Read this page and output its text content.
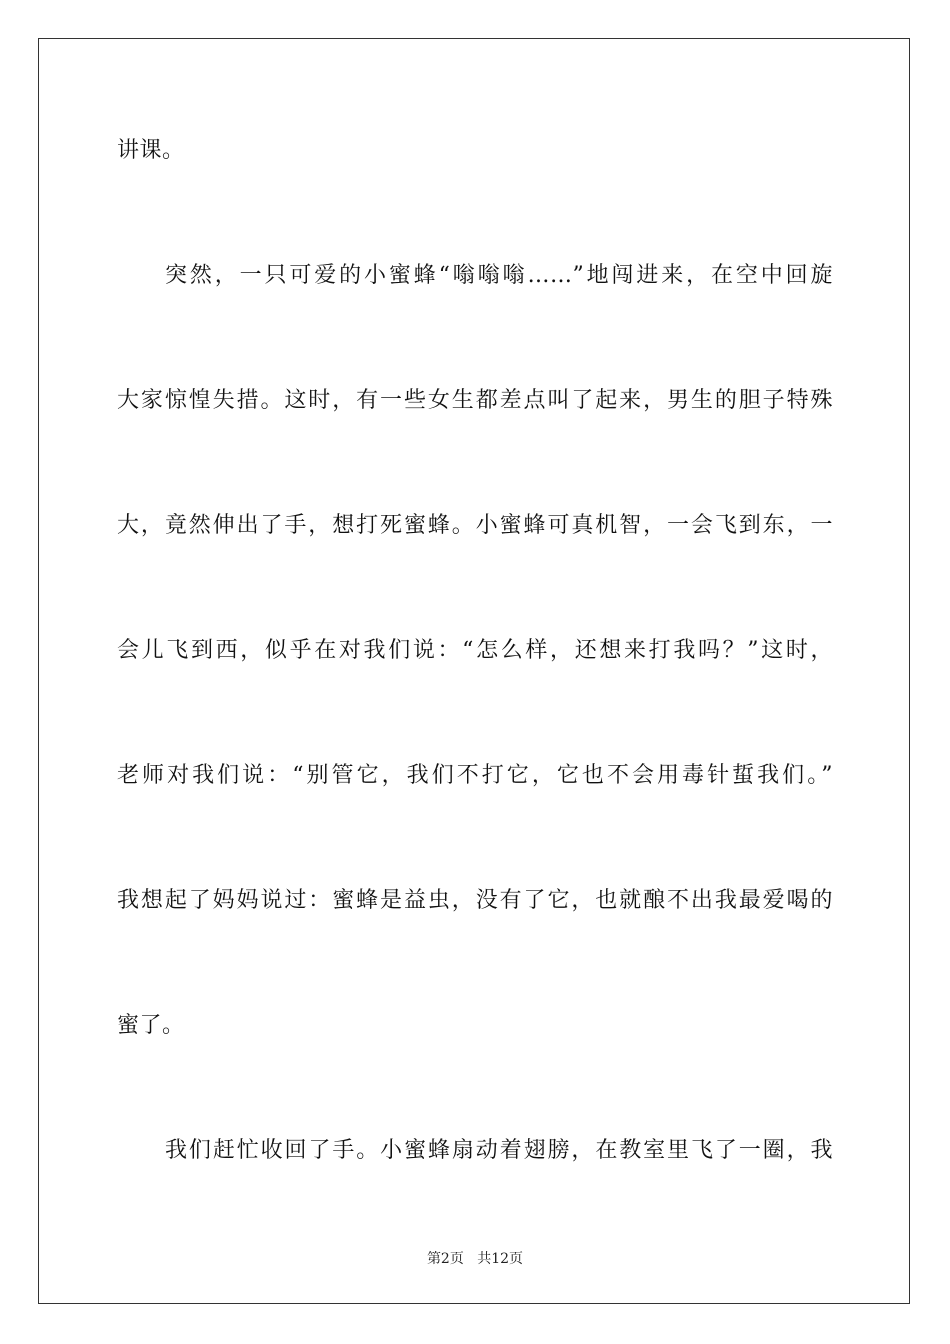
讲课。
突然，一只可爱的小蜜蜂“嗡嗡嗡……”地闯进来，在空中回旋
大家惊惶失措。这时，有一些女生都差点叫了起来，男生的胆子特殊
大，竟然伸出了手，想打死蜜蜂。小蜜蜂可真机智，一会飞到东，一
会儿飞到西，似乎在对我们说：“怎么样，还想来打我吗？”这时，
老师对我们说：“别管它，我们不打它，它也不会用毒针蜇我们。”
我想起了妈妈说过：蜜蜂是益虫，没有了它，也就酿不出我最爱喝的
蜜了。
我们赶忙收回了手。小蜜蜂扇动着翅膀，在教室里飞了一圈，我
第2页 共12页
